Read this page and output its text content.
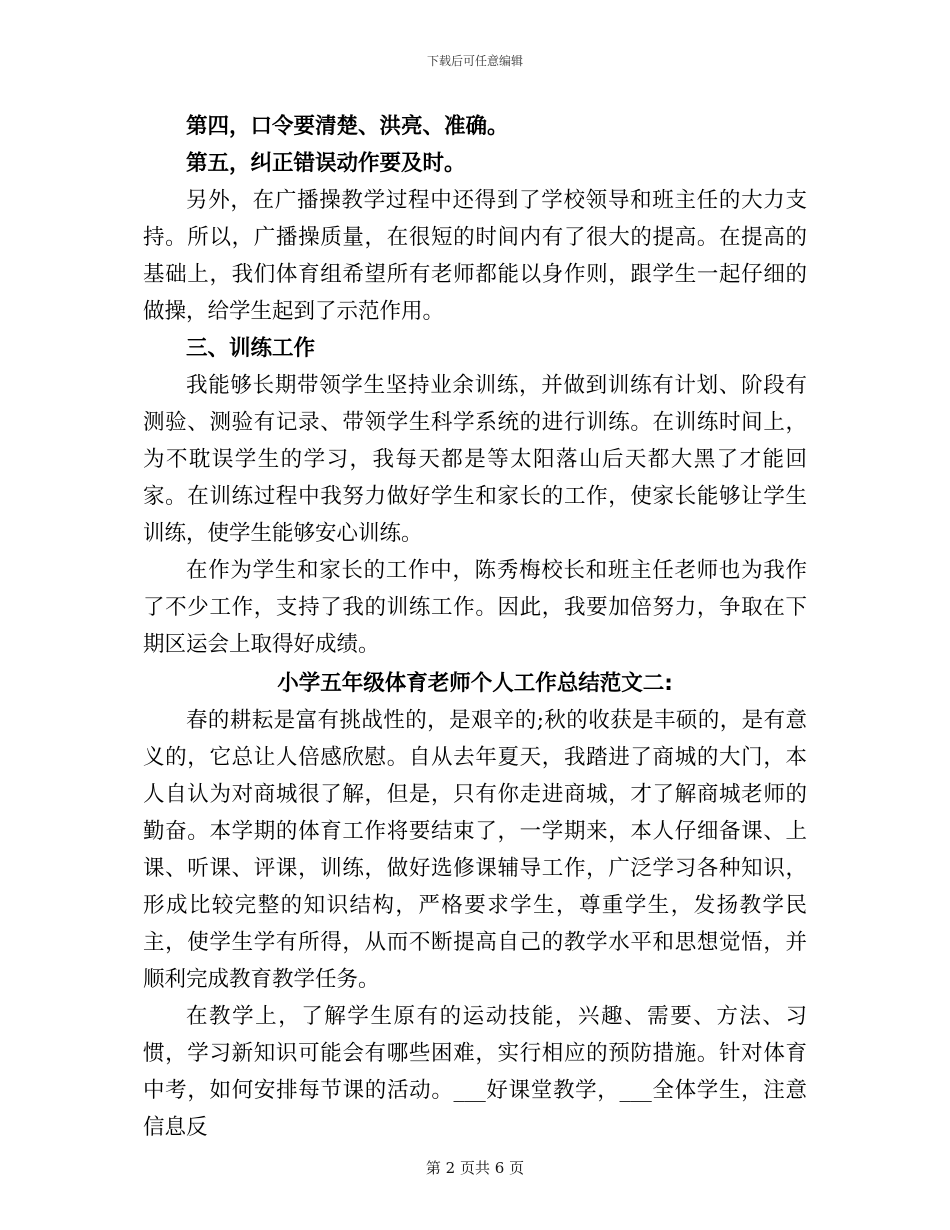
下载后可任意编辑

第四，口令要清楚、洪亮、准确。

第五，纠正错误动作要及时。

另外，在广播操教学过程中还得到了学校领导和班主任的大力支持。所以，广播操质量，在很短的时间内有了很大的提高。在提高的基础上，我们体育组希望所有老师都能以身作则，跟学生一起仔细的做操，给学生起到了示范作用。

三、训练工作

我能够长期带领学生坚持业余训练，并做到训练有计划、阶段有测验、测验有记录、带领学生科学系统的进行训练。在训练时间上，为不耽误学生的学习，我每天都是等太阳落山后天都大黑了才能回家。在训练过程中我努力做好学生和家长的工作，使家长能够让学生训练，使学生能够安心训练。

在作为学生和家长的工作中，陈秀梅校长和班主任老师也为我作了不少工作，支持了我的训练工作。因此，我要加倍努力，争取在下期区运会上取得好成绩。

小学五年级体育老师个人工作总结范文二:

春的耕耘是富有挑战性的，是艰辛的;秋的收获是丰硕的，是有意义的，它总让人倍感欣慰。自从去年夏天，我踏进了商城的大门，本人自认为对商城很了解，但是，只有你走进商城，才了解商城老师的勤奋。本学期的体育工作将要结束了，一学期来，本人仔细备课、上课、听课、评课，训练，做好选修课辅导工作，广泛学习各种知识，形成比较完整的知识结构，严格要求学生，尊重学生，发扬教学民主，使学生学有所得，从而不断提高自己的教学水平和思想觉悟，并顺利完成教育教学任务。

在教学上，了解学生原有的运动技能，兴趣、需要、方法、习惯，学习新知识可能会有哪些困难，实行相应的预防措施。针对体育中考，如何安排每节课的活动。___好课堂教学，___全体学生，注意信息反

第 2 页共 6 页
